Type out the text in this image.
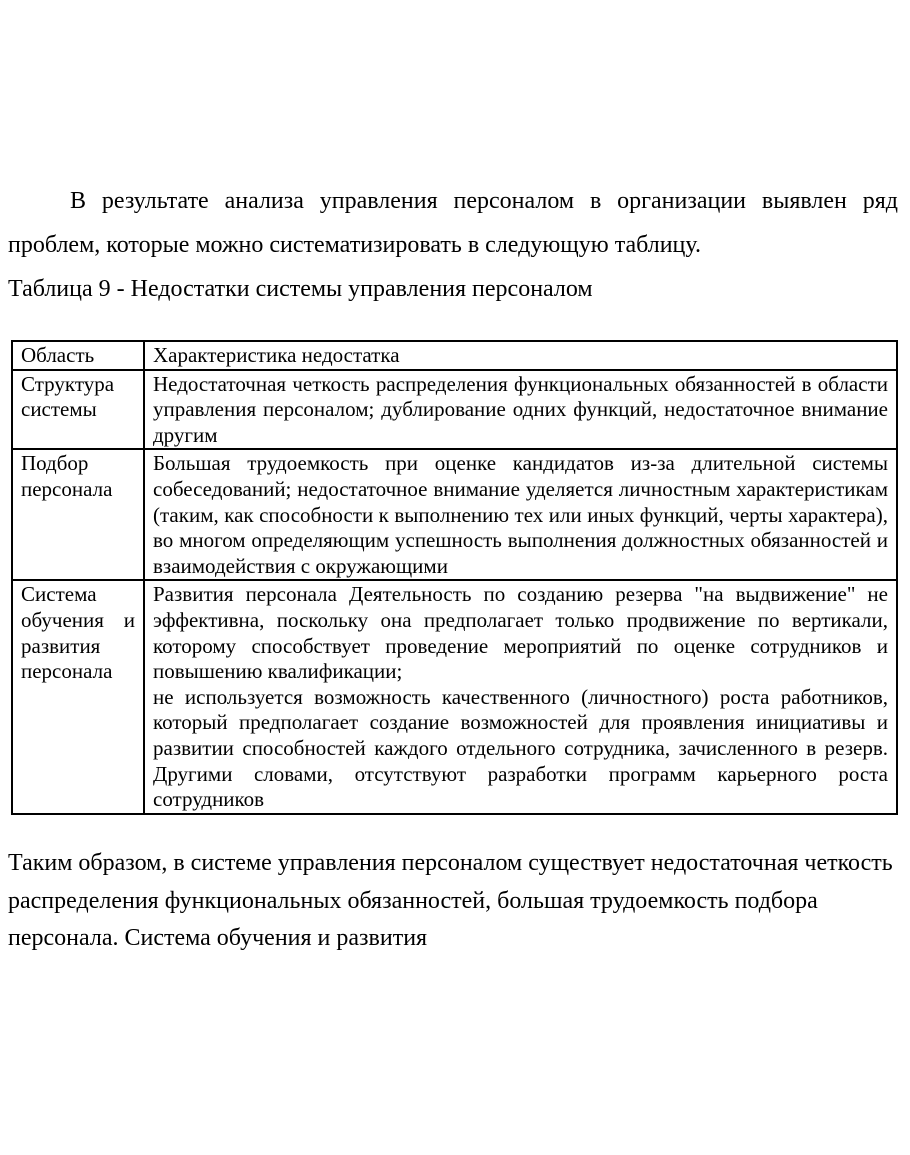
В результате анализа управления персоналом в организации выявлен ряд проблем, которые можно систематизировать в следующую таблицу.

Таблица 9 - Недостатки системы управления персоналом

Область	Характеристика недостатка
Структура системы	Недостаточная четкость распределения функциональных обязанностей в области управления персоналом; дублирование одних функций, недостаточное внимание другим

Подбор персонала	Большая трудоемкость при оценке кандидатов из-за длительной системы собеседований; недостаточное внимание уделяется личностным характеристикам (таким, как способности к выполнению тех или иных функций, черты характера), во многом определяющим успешность выполнения должностных обязанностей и взаимодействия с окружающими

Система обучения и развития персонала	Развития персонала Деятельность по созданию резерва "на выдвижение" не эффективна, поскольку она предполагает только продвижение по вертикали, которому способствует проведение мероприятий по оценке сотрудников и повышению квалификации;

не используется возможность качественного (личностного) роста работников, который предполагает создание возможностей для проявления инициативы и развитии способностей каждого отдельного сотрудника, зачисленного в резерв. Другими словами, отсутствуют разработки программ карьерного роста сотрудников

Таким образом, в системе управления персоналом существует недостаточная четкость распределения функциональных обязанностей, большая трудоемкость подбора персонала. Система обучения и развития
